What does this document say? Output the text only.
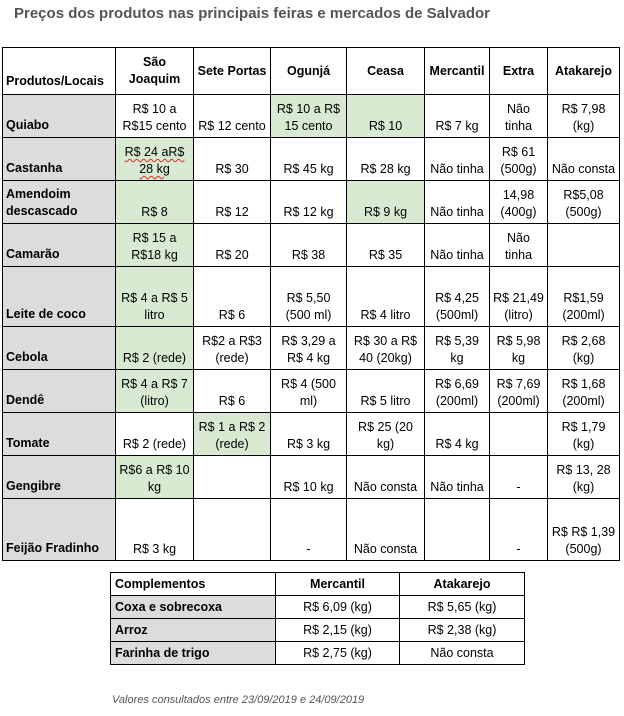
Preços dos produtos nas principais feiras e mercados de Salvador
Produtos/Locais	São Joaquim	Sete Portas	Ogunjá	Ceasa	Mercantil	Extra	Atakarejo
Quiabo	R$ 10 a R$15 cento	R$ 12 cento	R$ 10 a R$ 15 cento	R$ 10	R$ 7 kg	Não tinha	R$ 7,98 (kg)
Castanha	R$ 24 aR$ 28 kg	R$ 30	R$ 45 kg	R$ 28 kg	Não tinha	R$ 61 (500g)	Não consta
Amendoim descascado	R$ 8	R$ 12	R$ 12 kg	R$ 9 kg	Não tinha	14,98 (400g)	R$5,08 (500g)
Camarão	R$ 15 a R$18 kg	R$ 20	R$ 38	R$ 35	Não tinha	Não tinha	
Leite de coco	R$ 4 a R$ 5 litro	R$ 6	R$ 5,50 (500 ml)	R$ 4 litro	R$ 4,25 (500ml)	R$ 21,49 (litro)	R$1,59 (200ml)
Cebola	R$ 2 (rede)	R$2 a R$3 (rede)	R$ 3,29 a R$ 4 kg	R$ 30 a R$ 40 (20kg)	R$ 5,39 kg	R$ 5,98 kg	R$ 2,68 (kg)
Dendê	R$ 4 a R$ 7 (litro)	R$ 6	R$ 4 (500 ml)	R$ 5 litro	R$ 6,69 (200ml)	R$ 7,69 (200ml)	R$ 1,68 (200ml)
Tomate	R$ 2 (rede)	R$ 1 a R$ 2 (rede)	R$ 3 kg	R$ 25 (20 kg)	R$ 4 kg		R$ 1,79 (kg)
Gengibre	R$6 a R$ 10 kg		R$ 10 kg	Não consta	Não tinha	-	R$ 13, 28 (kg)
Feijão Fradinho	R$ 3 kg		-	Não consta		-	R$ R$ 1,39 (500g)
Complementos	Mercantil	Atakarejo
Coxa e sobrecoxa	R$ 6,09 (kg)	R$ 5,65 (kg)
Arroz	R$ 2,15 (kg)	R$ 2,38 (kg)
Farinha de trigo	R$ 2,75 (kg)	Não consta
Valores consultados entre 23/09/2019 e 24/09/2019
